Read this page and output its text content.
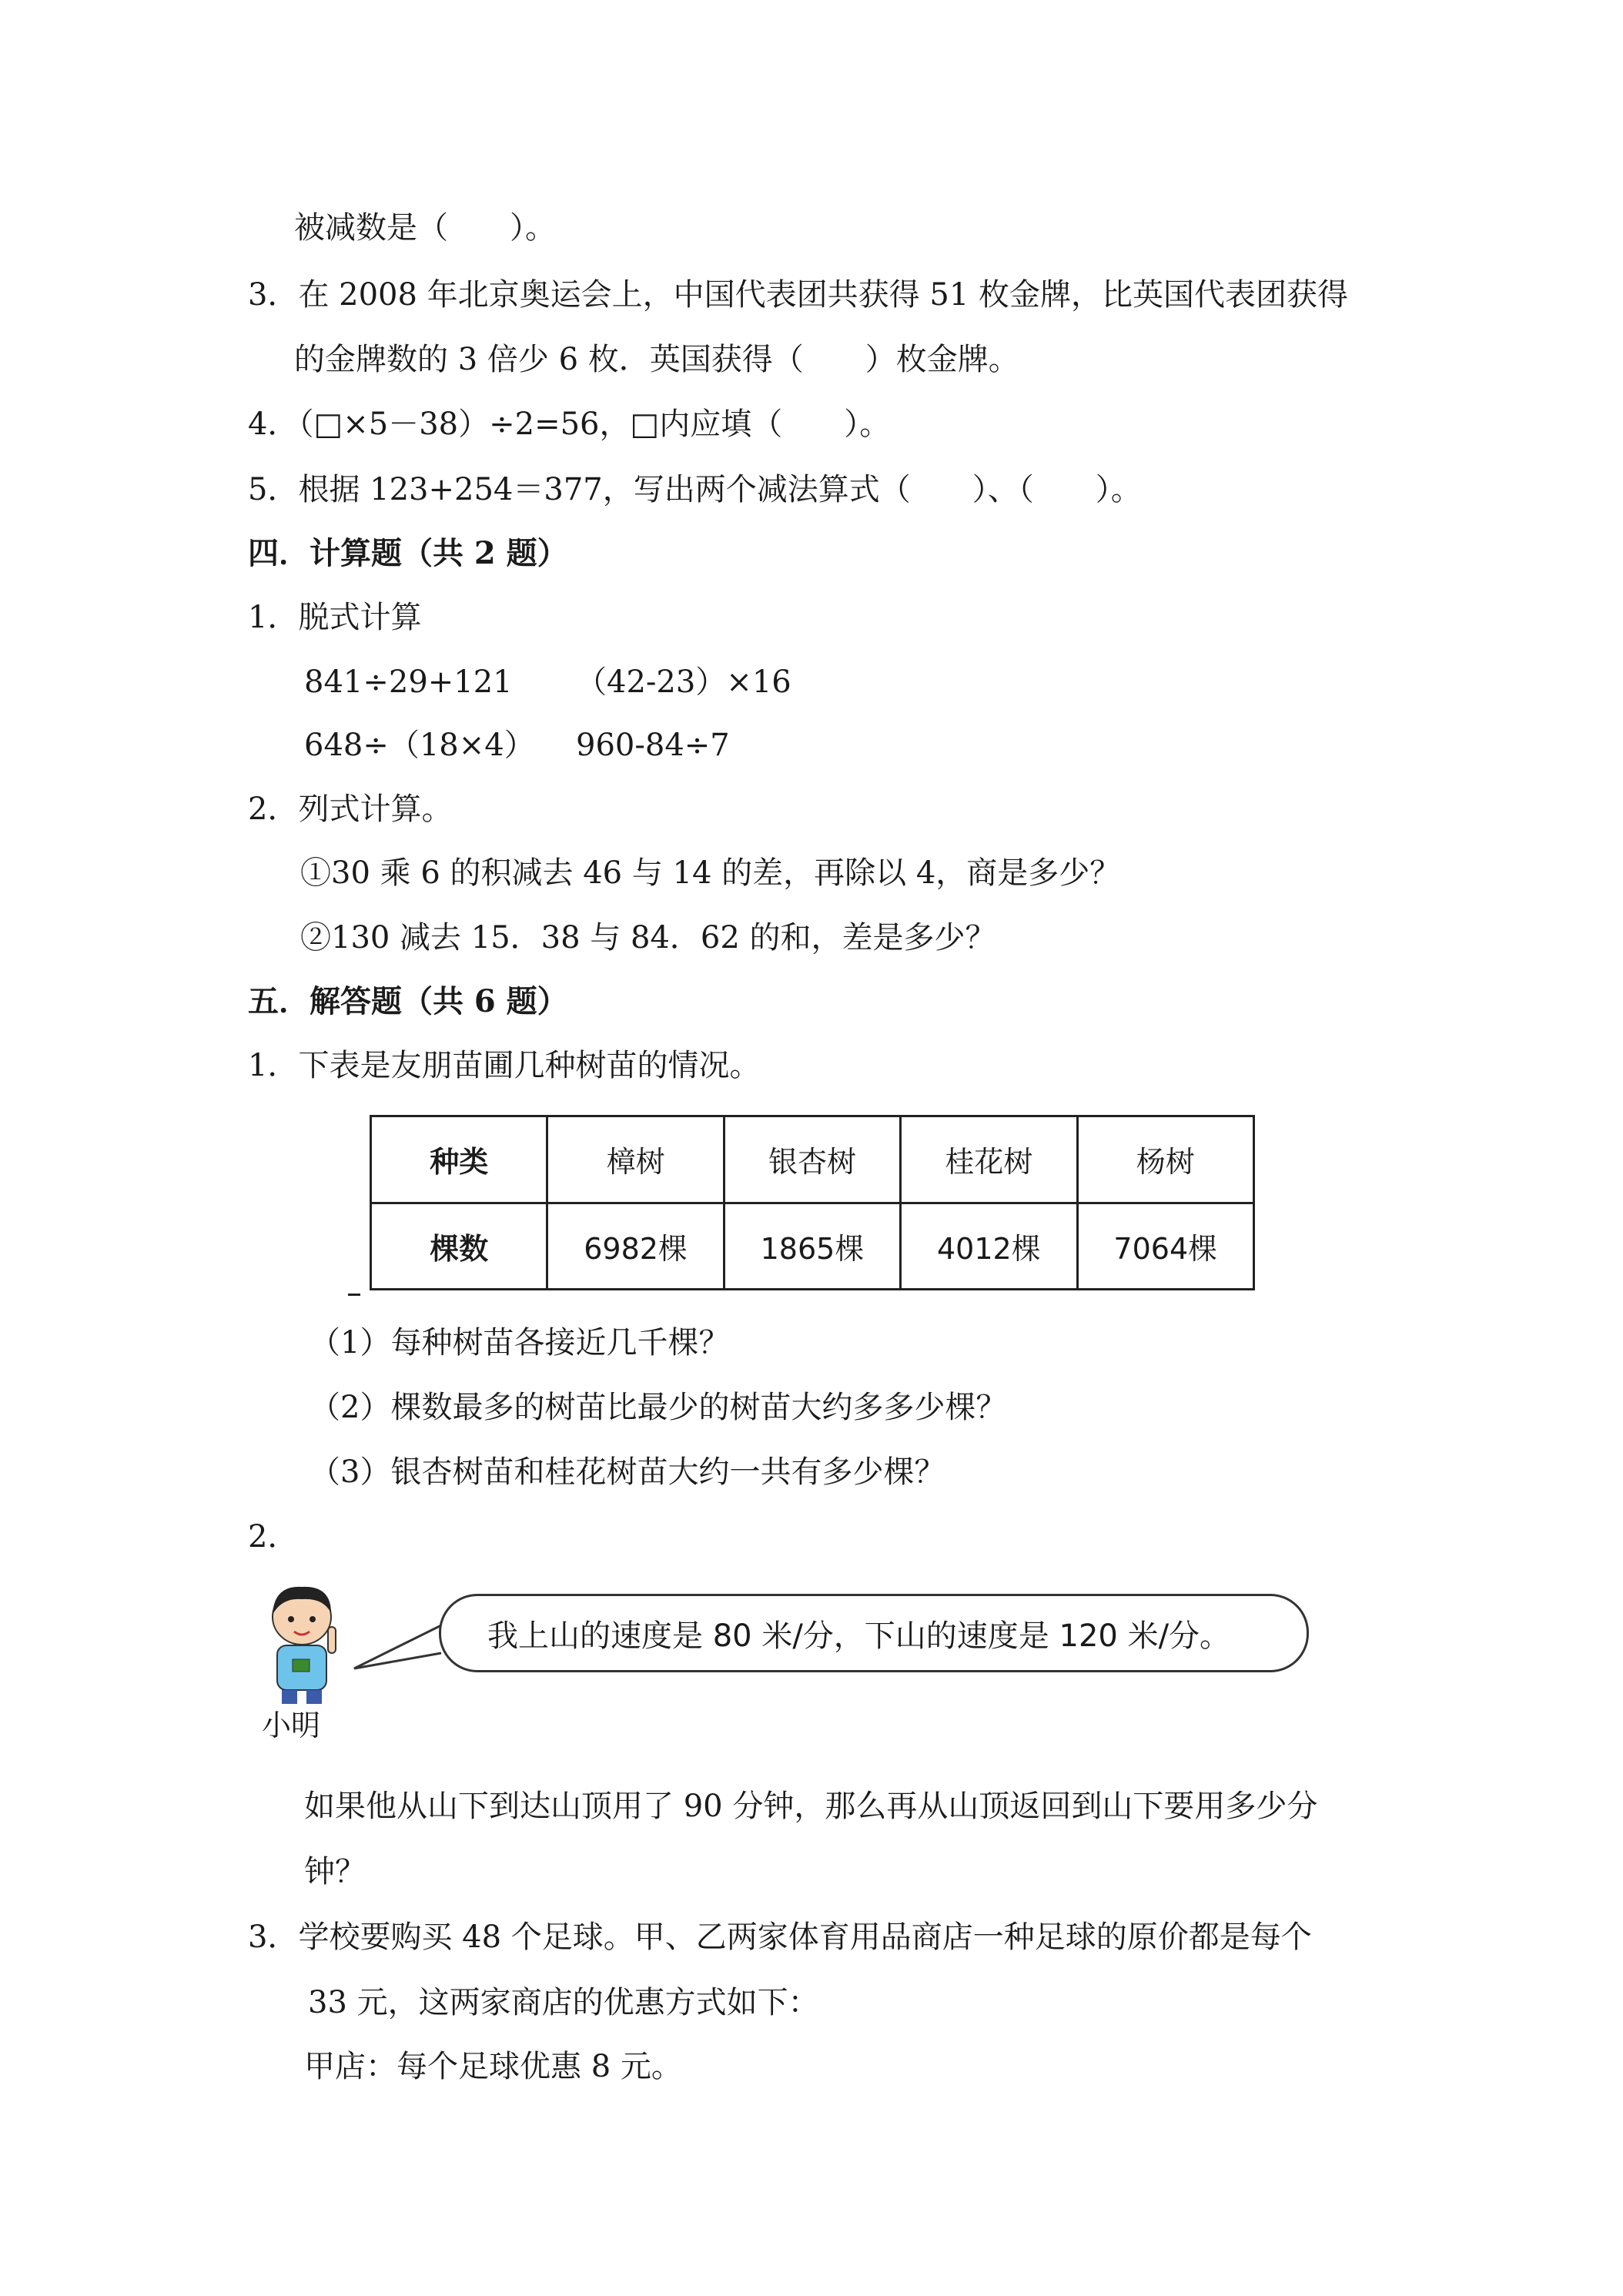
被减数是（　　）。
3．在 2008 年北京奥运会上，中国代表团共获得 51 枚金牌，比英国代表团获得
的金牌数的 3 倍少 6 枚．英国获得（　　）枚金牌。
4．（□×5－38）÷2=56，□内应填（　　）。
5．根据 123+254＝377，写出两个减法算式（　　）、（　　）。
四．计算题（共 2 题）
1．脱式计算
841÷29+121 （42-23）×16
648÷（18×4） 960-84÷7
2．列式计算。
①30 乘 6 的积减去 46 与 14 的差，再除以 4，商是多少？
②130 减去 15．38 与 84．62 的和，差是多少？
五．解答题（共 6 题）
1．下表是友朋苗圃几种树苗的情况。
种类	樟树	银杏树	桂花树	杨树
棵数	6982棵	1865棵	4012棵	7064棵
（1）每种树苗各接近几千棵？
（2）棵数最多的树苗比最少的树苗大约多多少棵？
（3）银杏树苗和桂花树苗大约一共有多少棵？
2．
小明
我上山的速度是 80 米/分，下山的速度是 120 米/分。
如果他从山下到达山顶用了 90 分钟，那么再从山顶返回到山下要用多少分
钟？
3．学校要购买 48 个足球。甲、乙两家体育用品商店一种足球的原价都是每个
33 元，这两家商店的优惠方式如下：
甲店：每个足球优惠 8 元。
